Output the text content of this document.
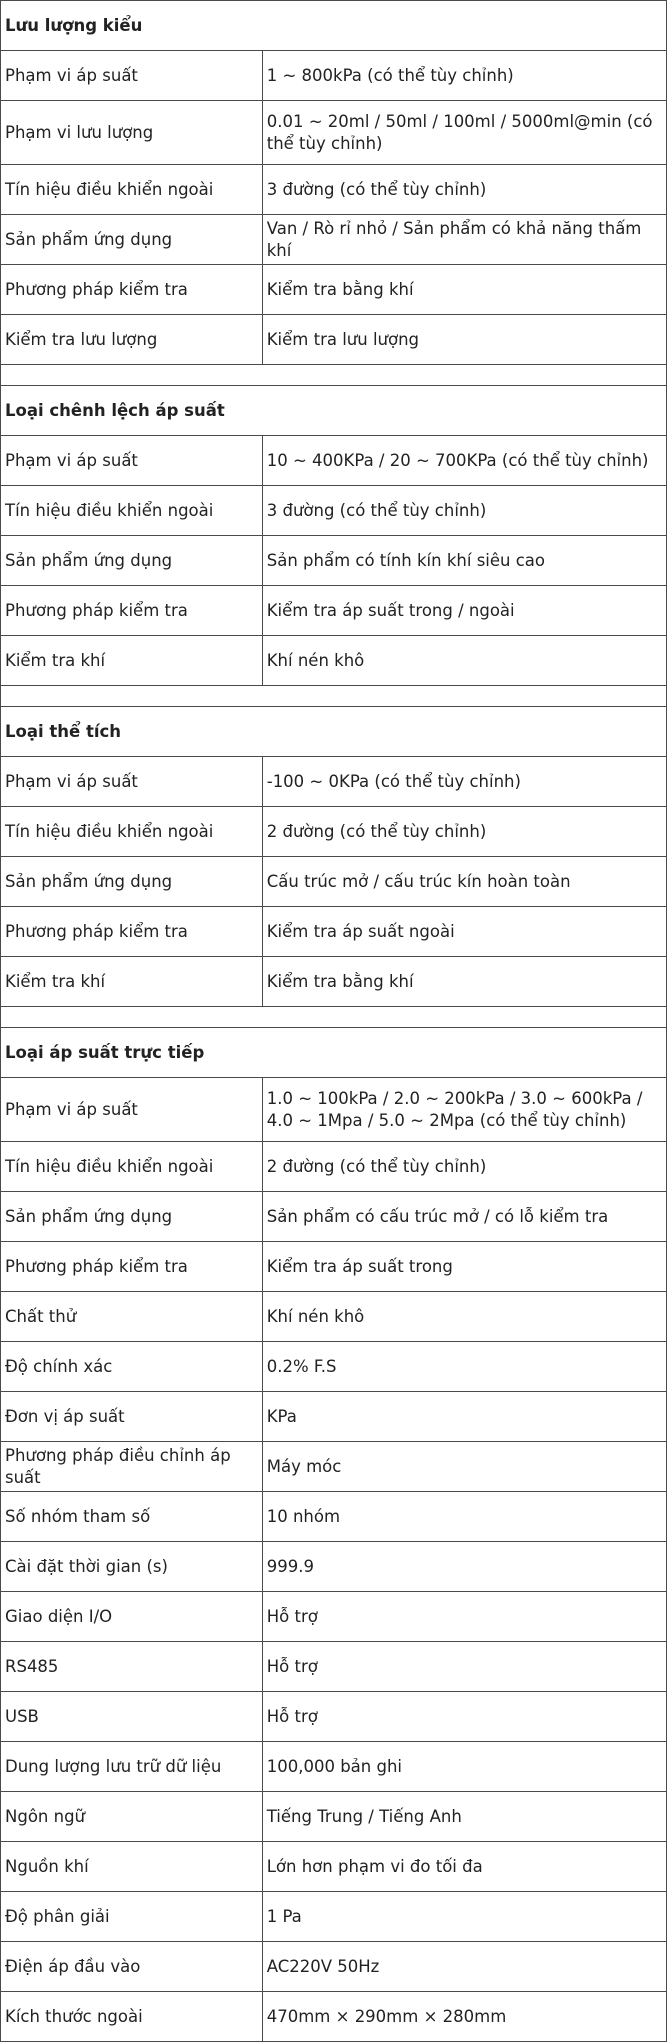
Lưu lượng kiểu	
Phạm vi áp suất	1 ~ 800kPa (có thể tùy chỉnh)
Phạm vi lưu lượng	0.01 ~ 20ml / 50ml / 100ml / 5000ml@min (có thể tùy chỉnh)
Tín hiệu điều khiển ngoài	3 đường (có thể tùy chỉnh)
Sản phẩm ứng dụng	Van / Rò rỉ nhỏ / Sản phẩm có khả năng thấm khí
Phương pháp kiểm tra	Kiểm tra bằng khí
Kiểm tra lưu lượng	Kiểm tra lưu lượng

Loại chênh lệch áp suất	
Phạm vi áp suất	10 ~ 400KPa / 20 ~ 700KPa (có thể tùy chỉnh)
Tín hiệu điều khiển ngoài	3 đường (có thể tùy chỉnh)
Sản phẩm ứng dụng	Sản phẩm có tính kín khí siêu cao
Phương pháp kiểm tra	Kiểm tra áp suất trong / ngoài
Kiểm tra khí	Khí nén khô

Loại thể tích	
Phạm vi áp suất	-100 ~ 0KPa (có thể tùy chỉnh)
Tín hiệu điều khiển ngoài	2 đường (có thể tùy chỉnh)
Sản phẩm ứng dụng	Cấu trúc mở / cấu trúc kín hoàn toàn
Phương pháp kiểm tra	Kiểm tra áp suất ngoài
Kiểm tra khí	Kiểm tra bằng khí

Loại áp suất trực tiếp	
Phạm vi áp suất	1.0 ~ 100kPa / 2.0 ~ 200kPa / 3.0 ~ 600kPa / 4.0 ~ 1Mpa / 5.0 ~ 2Mpa (có thể tùy chỉnh)
Tín hiệu điều khiển ngoài	2 đường (có thể tùy chỉnh)
Sản phẩm ứng dụng	Sản phẩm có cấu trúc mở / có lỗ kiểm tra
Phương pháp kiểm tra	Kiểm tra áp suất trong
Chất thử	Khí nén khô
Độ chính xác	0.2% F.S
Đơn vị áp suất	KPa
Phương pháp điều chỉnh áp suất	Máy móc
Số nhóm tham số	10 nhóm
Cài đặt thời gian (s)	999.9
Giao diện I/O	Hỗ trợ
RS485	Hỗ trợ
USB	Hỗ trợ
Dung lượng lưu trữ dữ liệu	100,000 bản ghi
Ngôn ngữ	Tiếng Trung / Tiếng Anh
Nguồn khí	Lớn hơn phạm vi đo tối đa
Độ phân giải	1 Pa
Điện áp đầu vào	AC220V 50Hz
Kích thước ngoài	470mm × 290mm × 280mm
